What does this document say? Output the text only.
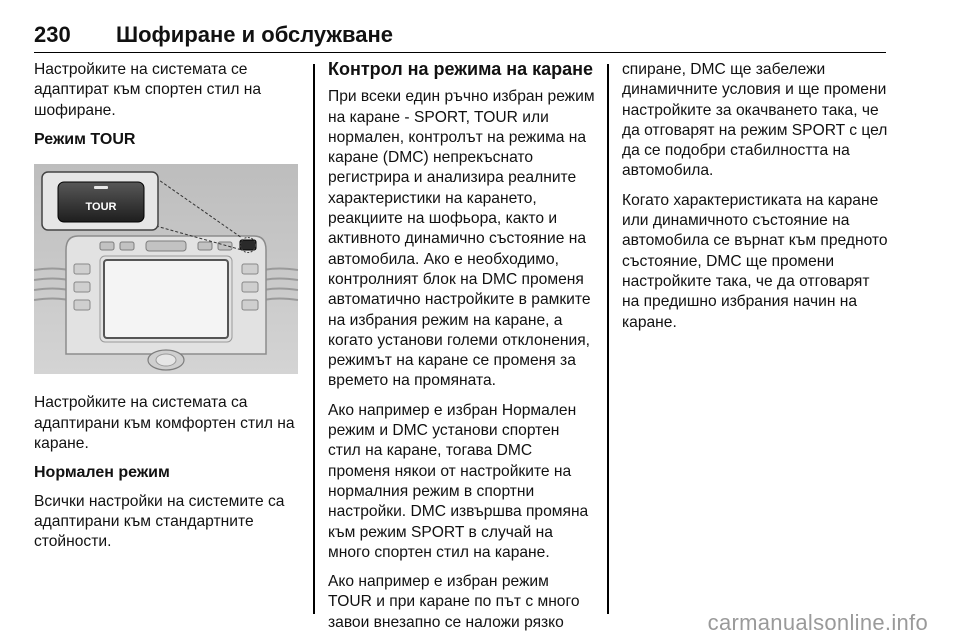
230 Шофиране и обслужване

Настройките на системата се адаптират към спортен стил на шофиране.

Режим TOUR
TOUR

Настройките на системата са адаптирани към комфортен стил на каране.

Нормален режим

Всички настройки на системите са адаптирани към стандартните стойности.

Контрол на режима на каране

При всеки един ръчно избран режим на каране - SPORT, TOUR или нормален, контролът на режима на каране (DMC) непрекъснато регистрира и анализира реалните характеристики на карането, реакциите на шофьора, както и активното динамично състояние на автомобила. Ако е необходимо, контролният блок на DMC променя автоматично настройките в рамките на избрания режим на каране, а когато установи големи отклонения, режимът на каране се променя за времето на промяната.

Ако например е избран Нормален режим и DMC установи спортен стил на каране, тогава DMC променя някои от настройките на нормалния режим в спортни настройки. DMC извършва промяна към режим SPORT в случай на много спортен стил на каране.

Ако например е избран режим TOUR и при каране по път с много завои внезапно се наложи рязко

спиране, DMC ще забележи динамичните условия и ще промени настройките за окачването така, че да отговарят на режим SPORT с цел да се подобри стабилността на автомобила.

Когато характеристиката на каране или динамичното състояние на автомобила се върнат към предното състояние, DMC ще промени настройките така, че да отговарят на предишно избрания начин на каране.

carmanualsonline.info
